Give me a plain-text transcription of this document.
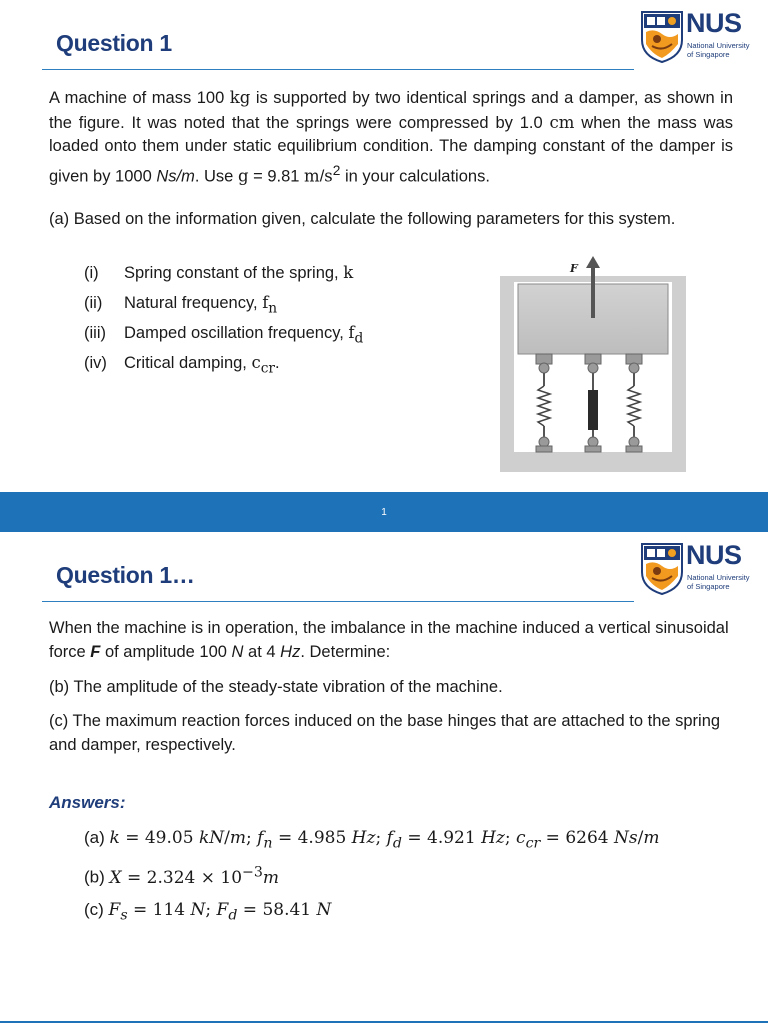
Question 1
NUS
National University
of Singapore
A machine of mass 100 kg is supported by two identical springs and a damper, as shown in the figure. It was noted that the springs were compressed by 1.0 cm when the mass was loaded onto them under static equilibrium condition. The damping constant of the damper is given by 1000 Ns/m. Use g = 9.81 $m/s^2$ in your calculations.
(a) Based on the information given, calculate the following parameters for this system.
(i) Spring constant of the spring, k
(ii) Natural frequency, $f_n$
(iii) Damped oscillation frequency, $f_d$
(iv) Critical damping, $c_{cr}$.
F
1
Question 1…
NUS
National University
of Singapore
When the machine is in operation, the imbalance in the machine induced a vertical sinusoidal force F of amplitude 100 N at 4 Hz. Determine:
(b) The amplitude of the steady-state vibration of the machine.
(c) The maximum reaction forces induced on the base hinges that are attached to the spring and damper, respectively.
Answers:
(a) k = 49.05 kN/m; $f_n = 4.985$ Hz; $f_d = 4.921$ Hz; $c_{cr} = 6264$ Ns/m
(b) $X = 2.324 \times 10^{-3}m$
(c) $F_s = 114$ N; $F_d = 58.41$ N
